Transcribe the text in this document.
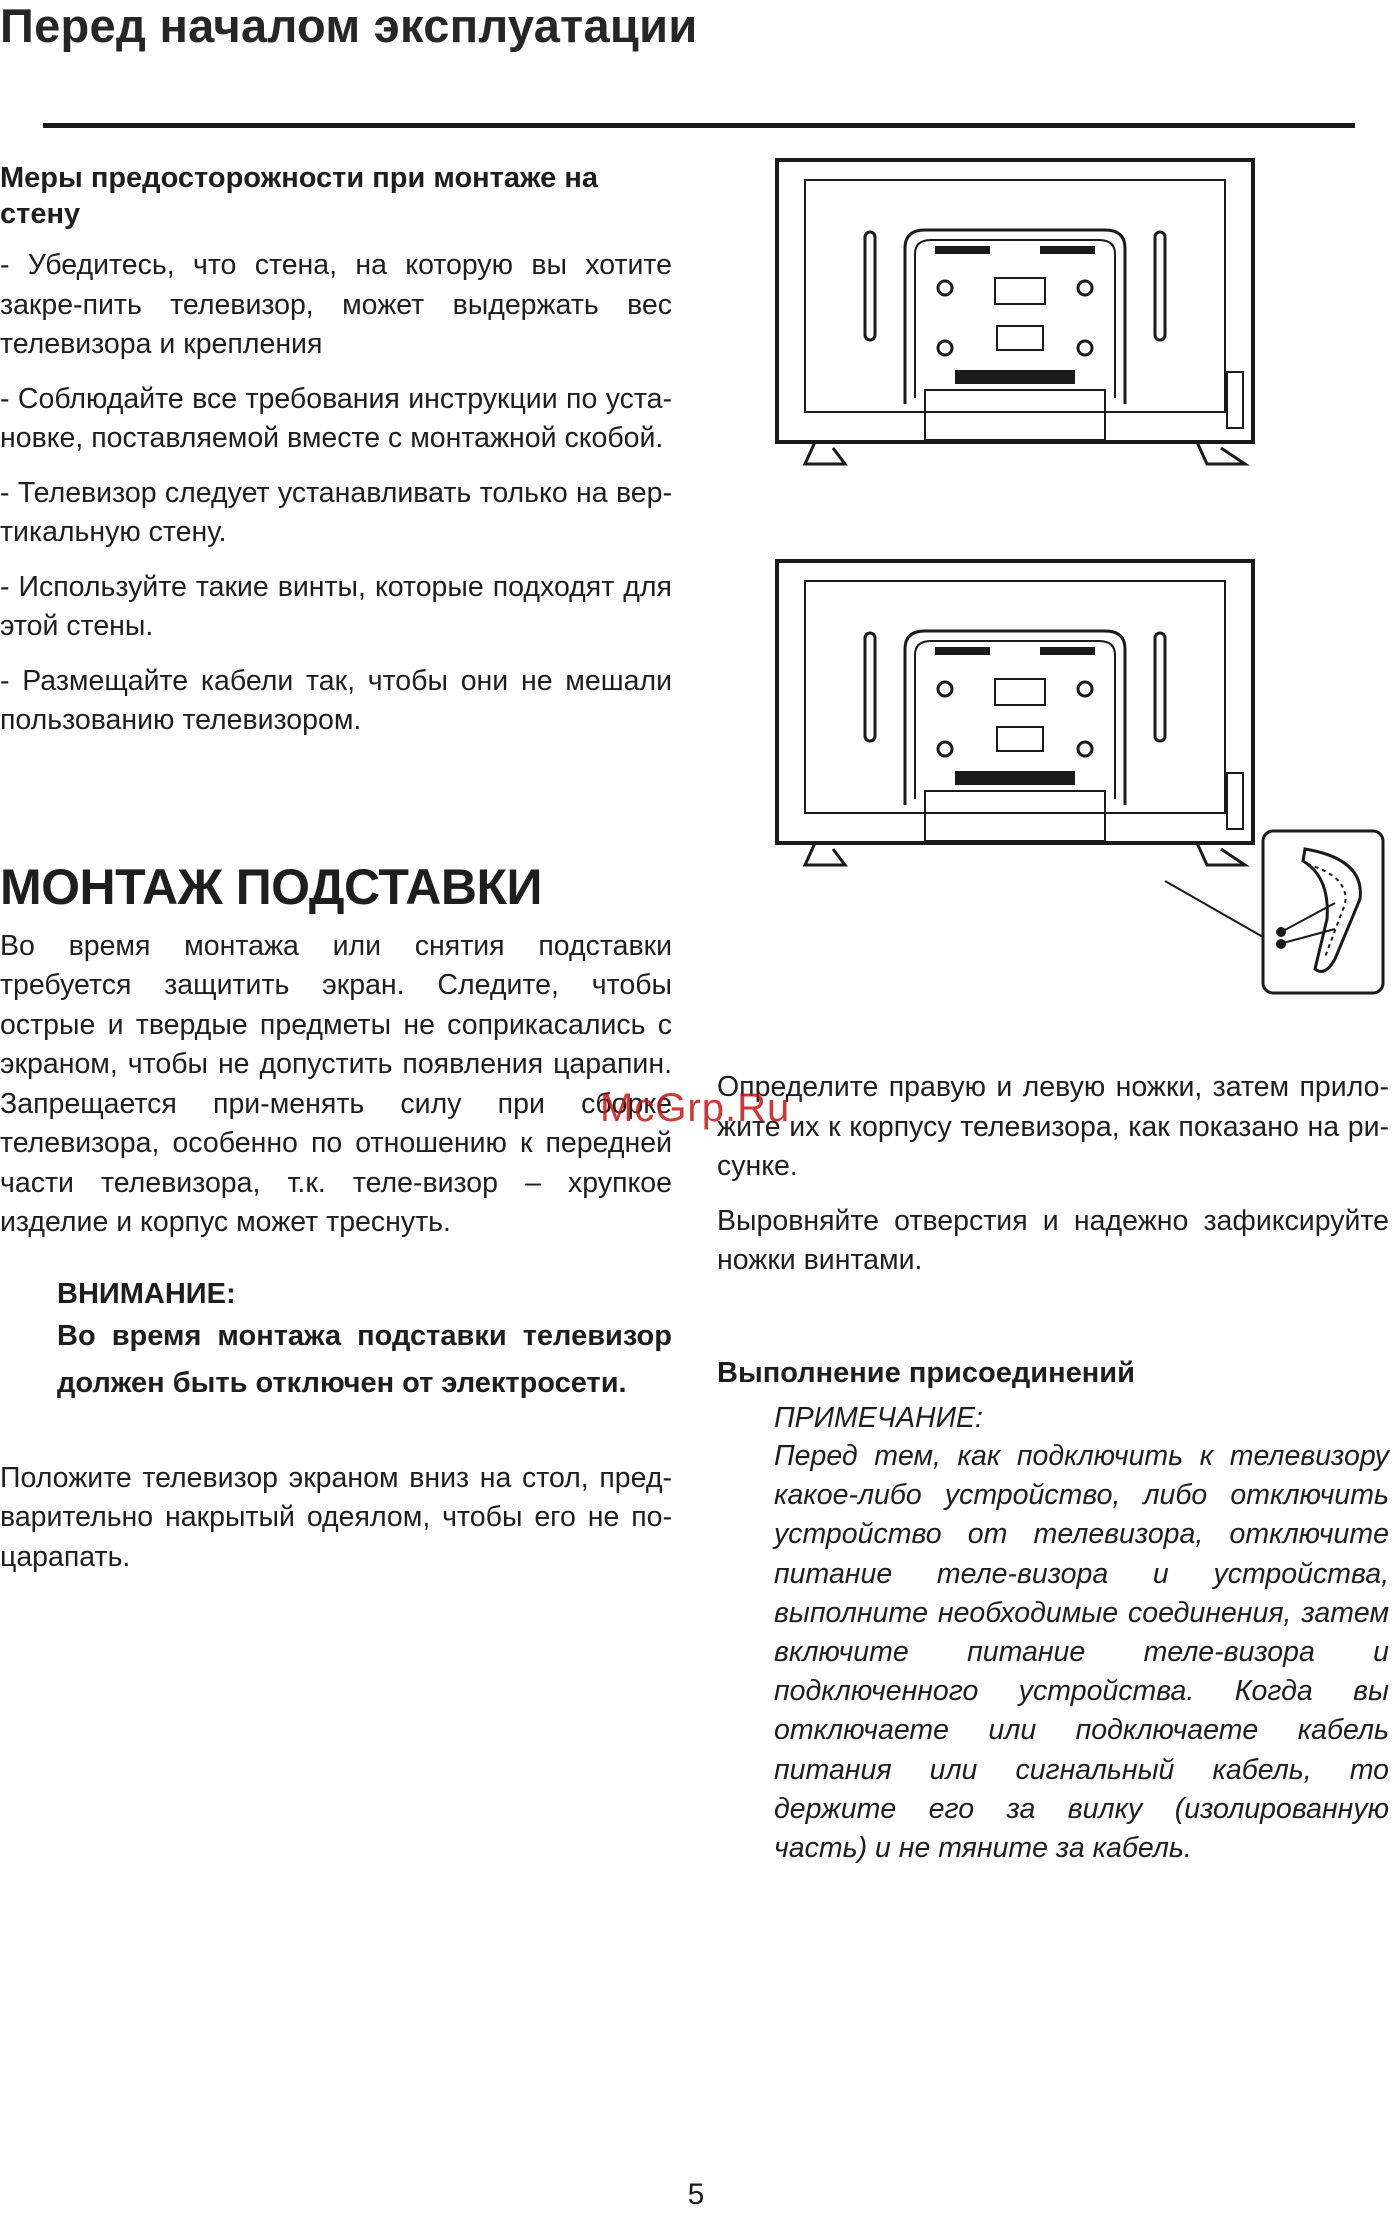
Перед началом эксплуатации

Меры предосторожности при монтаже на стену

- Убедитесь, что стена, на которую вы хотите закре-пить телевизор, может выдержать вес телевизора и крепления

- Соблюдайте все требования инструкции по уста-новке, поставляемой вместе с монтажной скобой.

- Телевизор следует устанавливать только на вер-тикальную стену.

- Используйте такие винты, которые подходят для этой стены.

- Размещайте кабели так, чтобы они не мешали пользованию телевизором.

МОНТАЖ ПОДСТАВКИ

Во время монтажа или снятия подставки требуется защитить экран. Следите, чтобы острые и твердые предметы не соприкасались с экраном, чтобы не допустить появления царапин. Запрещается при-менять силу при сборке телевизора, особенно по отношению к передней части телевизора, т.к. теле-визор – хрупкое изделие и корпус может треснуть.

ВНИМАНИЕ:

Во время монтажа подставки телевизор должен быть отключен от электросети.

Положите телевизор экраном вниз на стол, пред-варительно накрытый одеялом, чтобы его не по-царапать.

Определите правую и левую ножки, затем прило-жите их к корпусу телевизора, как показано на ри-сунке.

Выровняйте отверстия и надежно зафиксируйте ножки винтами.

Выполнение присоединений

ПРИМЕЧАНИЕ:

Перед тем, как подключить к телевизору какое-либо устройство, либо отключить устройство от телевизора, отключите питание теле-визора и устройства, выполните необходимые соединения, затем включите питание теле-визора и подключенного устройства. Когда вы отключаете или подключаете кабель питания или сигнальный кабель, то держите его за вилку (изолированную часть) и не тяните за кабель.

McGrp.Ru
5
